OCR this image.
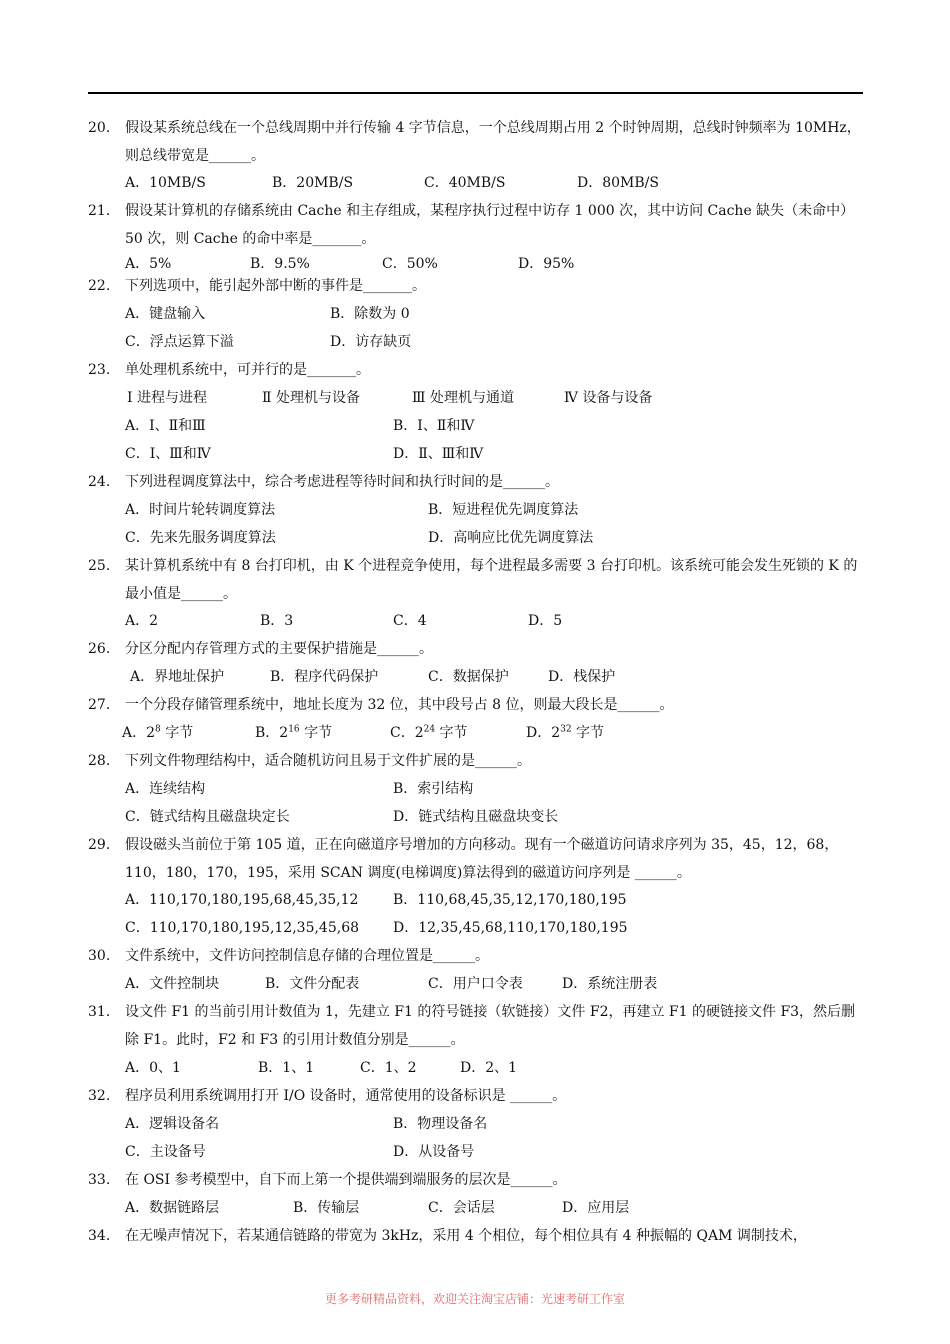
20.	假设某系统总线在一个总线周期中并行传输 4 字节信息，一个总线周期占用 2 个时钟周期，总线时钟频率为 10MHz，则总线带宽是______。
A．10MB/S	B．20MB/S	C．40MB/S	D．80MB/S
21.	假设某计算机的存储系统由 Cache 和主存组成，某程序执行过程中访存 1 000 次，其中访问 Cache 缺失（未命中）50 次，则 Cache 的命中率是_______。
A．5%	B．9.5%	C．50%	D．95%
22.	下列选项中，能引起外部中断的事件是_______。
A．键盘输入	B．除数为 0
C．浮点运算下溢	D．访存缺页
23.	单处理机系统中，可并行的是_______。
Ⅰ 进程与进程	Ⅱ 处理机与设备	Ⅲ 处理机与通道	Ⅳ 设备与设备
A．Ⅰ、Ⅱ和Ⅲ	B．Ⅰ、Ⅱ和Ⅳ
C．Ⅰ、Ⅲ和Ⅳ	D．Ⅱ、Ⅲ和Ⅳ
24.	下列进程调度算法中，综合考虑进程等待时间和执行时间的是______。
A．时间片轮转调度算法	B．短进程优先调度算法
C．先来先服务调度算法	D．高响应比优先调度算法
25.	某计算机系统中有 8 台打印机，由 K 个进程竞争使用，每个进程最多需要 3 台打印机。该系统可能会发生死锁的 K 的最小值是______。
A．2	B．3	C．4	D．5
26.	分区分配内存管理方式的主要保护措施是______。
A．界地址保护	B．程序代码保护	C．数据保护	D．栈保护
27.	一个分段存储管理系统中，地址长度为 32 位，其中段号占 8 位，则最大段长是______。
A．$2^8$ 字节	B．$2^{16}$ 字节	C．$2^{24}$ 字节	D．$2^{32}$ 字节
28.	下列文件物理结构中，适合随机访问且易于文件扩展的是______。
A．连续结构	B．索引结构
C．链式结构且磁盘块定长	D．链式结构且磁盘块变长
29.	假设磁头当前位于第 105 道，正在向磁道序号增加的方向移动。现有一个磁道访问请求序列为 35，45，12，68，110，180，170，195，采用 SCAN 调度(电梯调度)算法得到的磁道访问序列是 ______。
A．110,170,180,195,68,45,35,12 B．110,68,45,35,12,170,180,195
C．110,170,180,195,12,35,45,68 D．12,35,45,68,110,170,180,195
30.	文件系统中，文件访问控制信息存储的合理位置是______。
A．文件控制块	B．文件分配表	C．用户口令表	D．系统注册表
31.	设文件 F1 的当前引用计数值为 1，先建立 F1 的符号链接（软链接）文件 F2，再建立 F1 的硬链接文件 F3，然后删除 F1。此时，F2 和 F3 的引用计数值分别是______。
A．0、1	B．1、1	C．1、2	D．2、1
32.	程序员利用系统调用打开 I/O 设备时，通常使用的设备标识是 ______。
A．逻辑设备名	B．物理设备名
C．主设备号	D．从设备号
33.	在 OSI 参考模型中，自下而上第一个提供端到端服务的层次是______。
A．数据链路层	B．传输层	C．会话层	D．应用层
34.	在无噪声情况下，若某通信链路的带宽为 3kHz，采用 4 个相位，每个相位具有 4 种振幅的 QAM 调制技术，
更多考研精品资料，欢迎关注淘宝店铺：光速考研工作室
